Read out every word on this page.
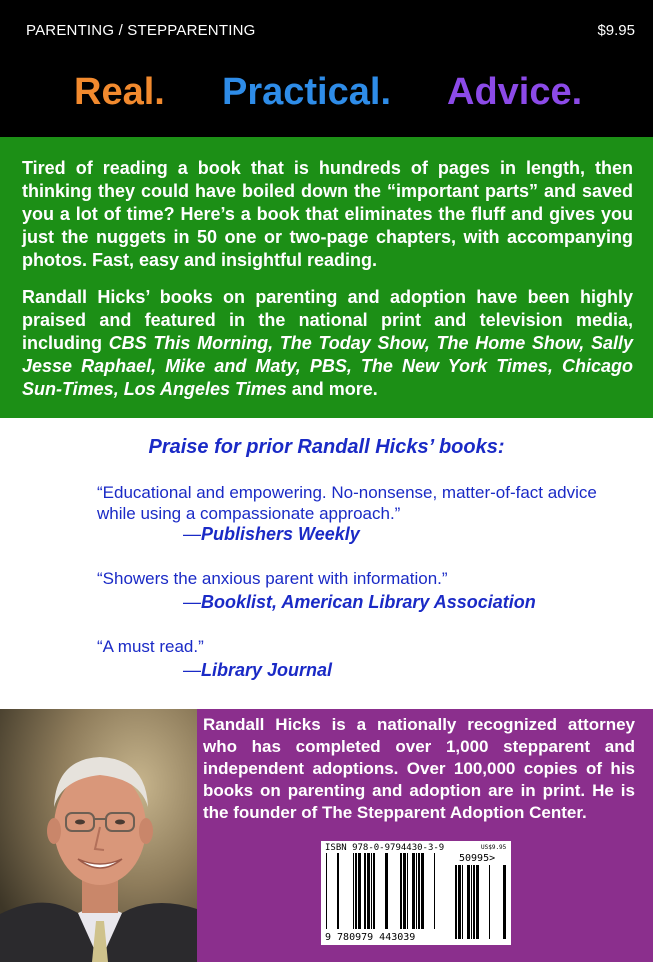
PARENTING / STEPPARENTING	$9.95
Real. Practical. Advice.

Tired of reading a book that is hundreds of pages in length, then thinking they could have boiled down the “important parts” and saved you a lot of time? Here’s a book that eliminates the fluff and gives you just the nuggets in 50 one or two-page chapters, with accompanying photos. Fast, easy and insightful reading.

Randall Hicks’ books on parenting and adoption have been highly praised and featured in the national print and television media, including CBS This Morning, The Today Show, The Home Show, Sally Jesse Raphael, Mike and Maty, PBS, The New York Times, Chicago Sun-Times, Los Angeles Times and more.

Praise for prior Randall Hicks’ books:
“Educational and empowering. No-nonsense, matter-of-fact advice while using a compassionate approach.”
—Publishers Weekly
“Showers the anxious parent with information.”
—Booklist, American Library Association
“A must read.”
—Library Journal

Randall Hicks is a nationally recognized attorney who has completed over 1,000 stepparent and independent adoptions. Over 100,000 copies of his books on parenting and adoption are in print. He is the founder of The Stepparent Adoption Center.

ISBN 978-0-9794430-3-9	US$9.95
50995>
9 780979 443039
